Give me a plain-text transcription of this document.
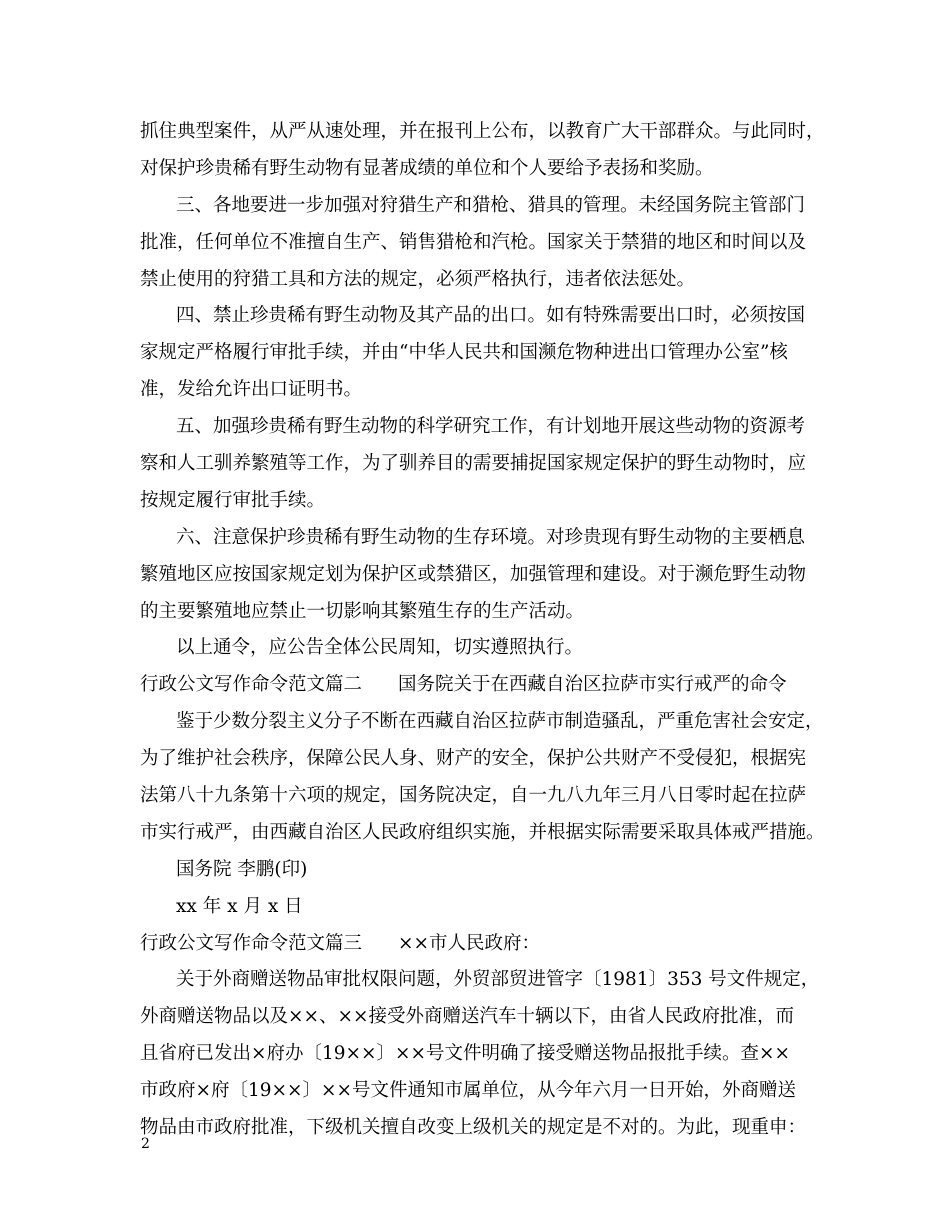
抓住典型案件，从严从速处理，并在报刊上公布，以教育广大干部群众。与此同时，
对保护珍贵稀有野生动物有显著成绩的单位和个人要给予表扬和奖励。
三、各地要进一步加强对狩猎生产和猎枪、猎具的管理。未经国务院主管部门
批准，任何单位不准擅自生产、销售猎枪和汽枪。国家关于禁猎的地区和时间以及
禁止使用的狩猎工具和方法的规定，必须严格执行，违者依法惩处。
四、禁止珍贵稀有野生动物及其产品的出口。如有特殊需要出口时，必须按国
家规定严格履行审批手续，并由“中华人民共和国濒危物种进出口管理办公室”核
准，发给允许出口证明书。
五、加强珍贵稀有野生动物的科学研究工作，有计划地开展这些动物的资源考
察和人工驯养繁殖等工作，为了驯养目的需要捕捉国家规定保护的野生动物时，应
按规定履行审批手续。
六、注意保护珍贵稀有野生动物的生存环境。对珍贵现有野生动物的主要栖息
繁殖地区应按国家规定划为保护区或禁猎区，加强管理和建设。对于濒危野生动物
的主要繁殖地应禁止一切影响其繁殖生存的生产活动。
以上通令，应公告全体公民周知，切实遵照执行。
行政公文写作命令范文篇二 国务院关于在西藏自治区拉萨市实行戒严的命令
鉴于少数分裂主义分子不断在西藏自治区拉萨市制造骚乱，严重危害社会安定，
为了维护社会秩序，保障公民人身、财产的安全，保护公共财产不受侵犯，根据宪
法第八十九条第十六项的规定，国务院决定，自一九八九年三月八日零时起在拉萨
市实行戒严，由西藏自治区人民政府组织实施，并根据实际需要采取具体戒严措施。
国务院 李鹏(印)
xx 年 x 月 x 日
行政公文写作命令范文篇三 ××市人民政府：
关于外商赠送物品审批权限问题，外贸部贸进管字〔1981〕353 号文件规定，
外商赠送物品以及××、××接受外商赠送汽车十辆以下，由省人民政府批准，而
且省府已发出×府办〔19××〕××号文件明确了接受赠送物品报批手续。查××
市政府×府〔19××〕××号文件通知市属单位，从今年六月一日开始，外商赠送
物品由市政府批准，下级机关擅自改变上级机关的规定是不对的。为此，现重申：
2
